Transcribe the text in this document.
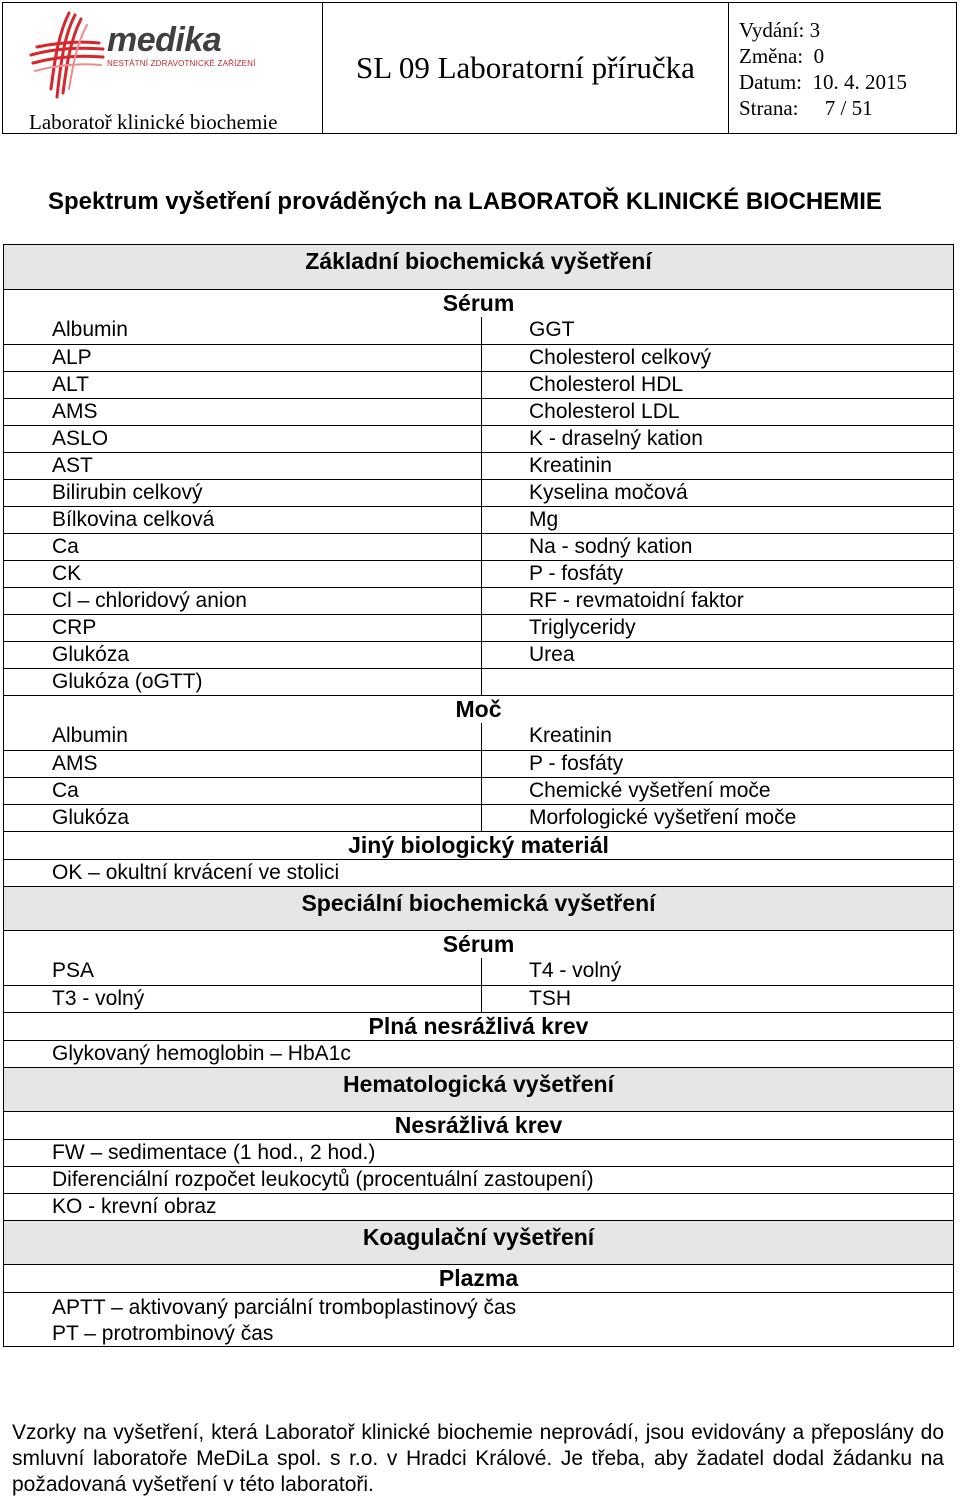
medika
NESTÁTNÍ ZDRAVOTNICKÉ ZAŘÍZENÍ
Laboratoř klinické biochemie
SL 09 Laboratorní příručka
Vydání:
3
Změna:
0
Datum:
10. 4. 2015
Strana:
7 / 51
Spektrum vyšetření prováděných na LABORATOŘ KLINICKÉ BIOCHEMIE
Základní biochemická vyšetření
Sérum
Albumin	GGT
ALP	Cholesterol celkový
ALT	Cholesterol HDL
AMS	Cholesterol LDL
ASLO	K - draselný kation
AST	Kreatinin
Bilirubin celkový	Kyselina močová
Bílkovina celková	Mg
Ca	Na - sodný kation
CK	P - fosfáty
Cl – chloridový anion	RF - revmatoidní faktor
CRP	Triglyceridy
Glukóza	Urea
Glukóza (oGTT)
Moč
Albumin	Kreatinin
AMS	P - fosfáty
Ca	Chemické vyšetření moče
Glukóza	Morfologické vyšetření moče
Jiný biologický materiál
OK – okultní krvácení ve stolici
Speciální biochemická vyšetření
Sérum
PSA	T4 - volný
T3 - volný	TSH
Plná nesrážlivá krev
Glykovaný hemoglobin – HbA1c
Hematologická vyšetření
Nesrážlivá krev
FW – sedimentace (1 hod., 2 hod.)
Diferenciální rozpočet leukocytů (procentuální zastoupení)
KO - krevní obraz
Koagulační vyšetření
Plazma
APTT – aktivovaný parciální tromboplastinový čas
PT – protrombinový čas
Vzorky na vyšetření, která Laboratoř klinické biochemie neprovádí, jsou evidovány a přeposlány do smluvní laboratoře MeDiLa spol. s r.o. v Hradci Králové. Je třeba, aby žadatel dodal žádanku na požadovaná vyšetření v této laboratoři.
